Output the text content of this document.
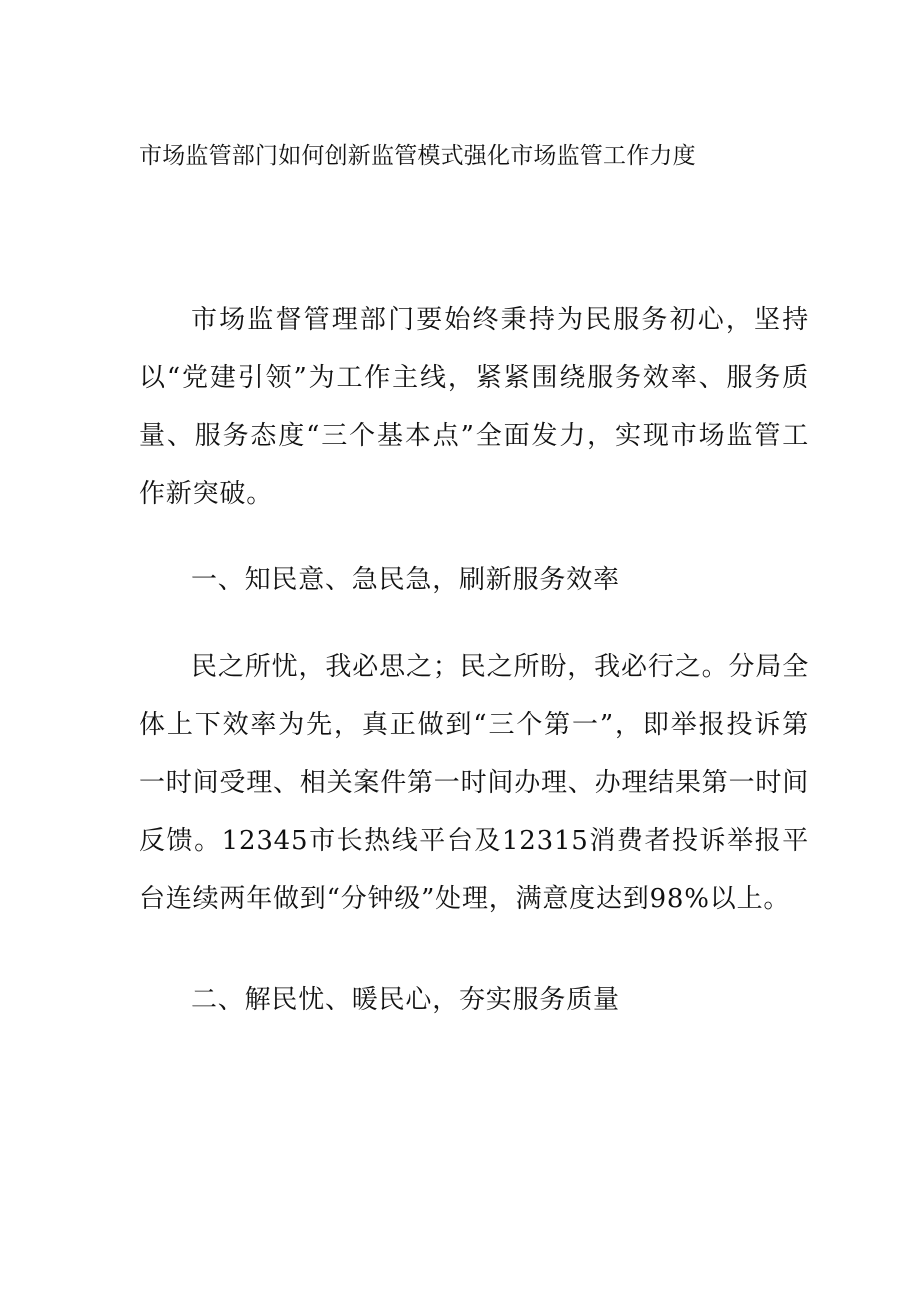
市场监管部门如何创新监管模式强化市场监管工作力度
市场监督管理部门要始终秉持为民服务初心，坚持以“党建引领”为工作主线，紧紧围绕服务效率、服务质量、服务态度“三个基本点”全面发力，实现市场监管工作新突破。
一、知民意、急民急，刷新服务效率
民之所忧，我必思之；民之所盼，我必行之。分局全体上下效率为先，真正做到“三个第一”，即举报投诉第一时间受理、相关案件第一时间办理、办理结果第一时间反馈。12345市长热线平台及12315消费者投诉举报平台连续两年做到“分钟级”处理，满意度达到98%以上。
二、解民忧、暖民心，夯实服务质量
